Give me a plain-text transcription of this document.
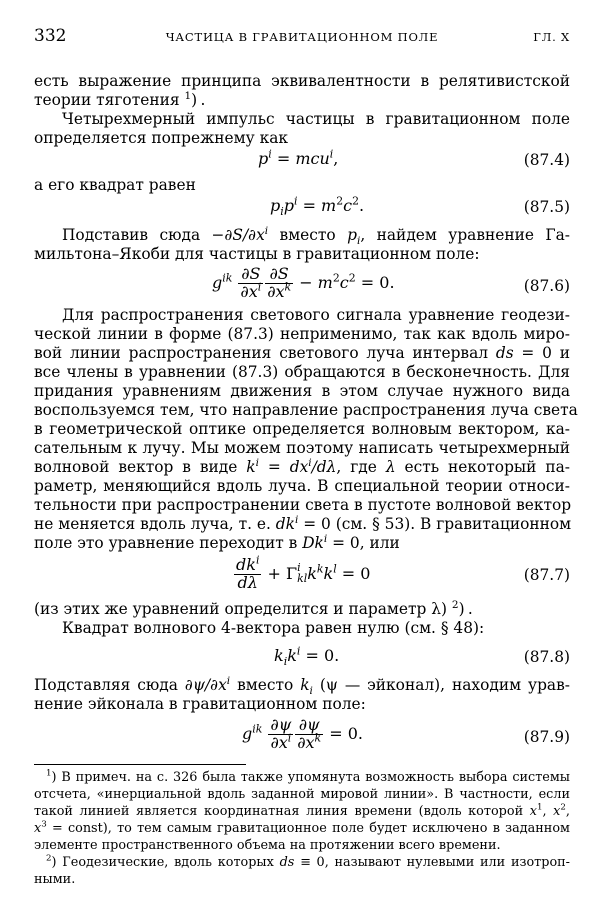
332	ЧАСТИЦА В ГРАВИТАЦИОННОМ ПОЛЕ	ГЛ. X
есть выражение принципа эквивалентности в релятивистской
теории тяготения $^1$) .
Четырехмерный импульс частицы в гравитационном поле
определяется попрежнему как
$p^i = mcu^i$,	(87.4)
а его квадрат равен
$p_ip^i = m^2c^2$.	(87.5)
Подставив сюда $-\partial S/\partial x^i$ вместо $p_i$, найдем уравнение Га-
мильтона–Якоби для частицы в гравитационном поле:
$g^{ik} \frac{\partial S}{\partial x^i} \frac{\partial S}{\partial x^k} - m^2c^2 = 0$.	(87.6)
Для распространения светового сигнала уравнение геодези-
ческой линии в форме (87.3) неприменимо, так как вдоль миро-
вой линии распространения светового луча интервал ds = 0 и
все члены в уравнении (87.3) обращаются в бесконечность. Для
придания уравнениям движения в этом случае нужного вида
воспользуемся тем, что направление распространения луча света
в геометрической оптике определяется волновым вектором, ка-
сательным к лучу. Мы можем поэтому написать четырехмерный
волновой вектор в виде $k^i = dx^i/d\lambda$, где λ есть некоторый па-
раметр, меняющийся вдоль луча. В специальной теории относи-
тельности при распространении света в пустоте волновой вектор
не меняется вдоль луча, т. е. $dk^i = 0$ (см. § 53). В гравитационном
поле это уравнение переходит в $Dk^i = 0$, или
$\frac{dk^i}{d\lambda} + \Gamma$ i
kl $k^kk^l = 0$	(87.7)
(из этих же уравнений определится и параметр λ) $^2$) .
Квадрат волнового 4-вектора равен нулю (см. § 48):
$k_ik^i = 0$.	(87.8)
Подставляя сюда $\partial\psi/\partial x^i$ вместо $k_i$ (ψ — эйконал), находим урав-
нение эйконала в гравитационном поле:
$g^{ik} \frac{\partial\psi}{\partial x^i} \frac{\partial\psi}{\partial x^k} = 0$.	(87.9)
$^1$) В примеч. на с. 326 была также упомянута возможность выбора системы
отсчета, «инерциальной вдоль заданной мировой линии». В частности, если
такой линией является координатная линия времени (вдоль которой $x^1$, $x^2$,
$x^3$ = const), то тем самым гравитационное поле будет исключено в заданном
элементе пространственного объема на протяжении всего времени.
$^2$) Геодезические, вдоль которых ds ≡ 0, называют нулевыми или изотроп-
ными.
